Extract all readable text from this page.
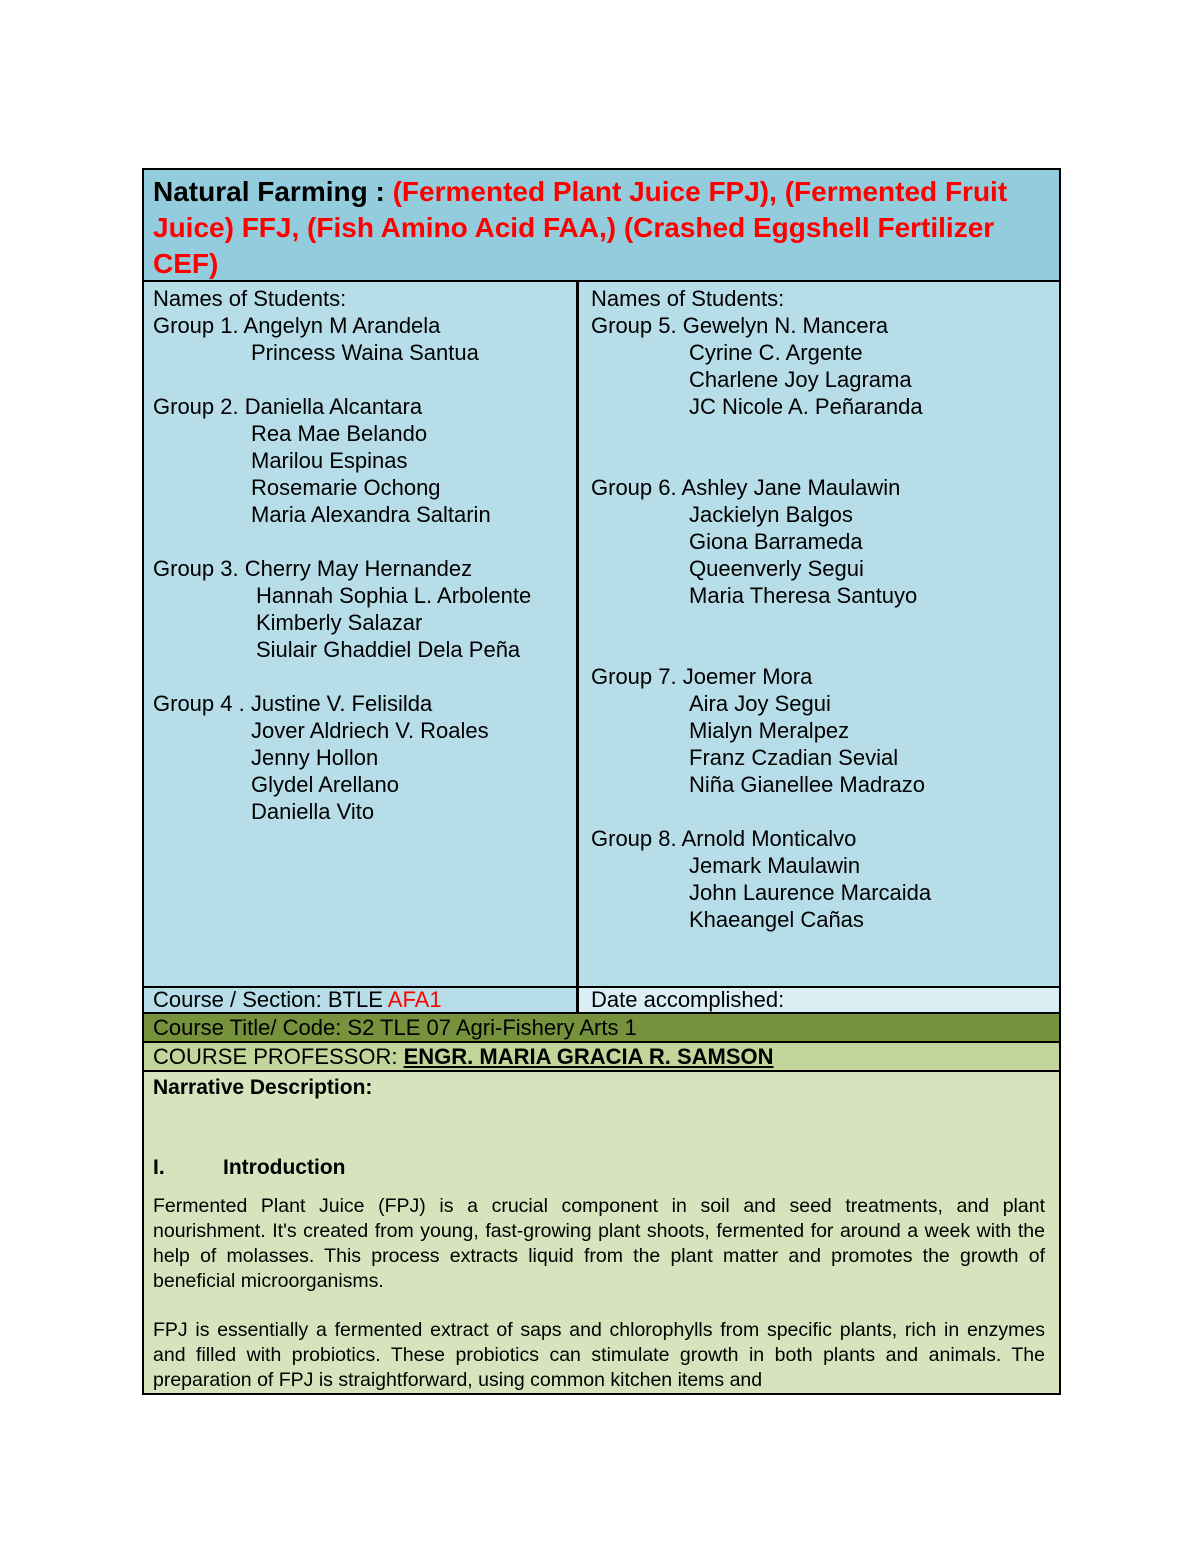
Natural Farming : (Fermented Plant Juice FPJ), (Fermented Fruit Juice) FFJ, (Fish Amino Acid FAA,) (Crashed Eggshell Fertilizer CEF)

Names of Students:
Group 1. Angelyn M Arandela
Princess Waina Santua
Group 2. Daniella Alcantara
Rea Mae Belando
Marilou Espinas
Rosemarie Ochong
Maria Alexandra Saltarin
Group 3. Cherry May Hernandez
Hannah Sophia L. Arbolente
Kimberly Salazar
Siulair Ghaddiel Dela Peña
Group 4 . Justine V. Felisilda
Jover Aldriech V. Roales
Jenny Hollon
Glydel Arellano
Daniella Vito
Names of Students:
Group 5. Gewelyn N. Mancera
Cyrine C. Argente
Charlene Joy Lagrama
JC Nicole A. Peñaranda
Group 6. Ashley Jane Maulawin
Jackielyn Balgos
Giona Barrameda
Queenverly Segui
Maria Theresa Santuyo
Group 7. Joemer Mora
Aira Joy Segui
Mialyn Meralpez
Franz Czadian Sevial
Niña Gianellee Madrazo
Group 8. Arnold Monticalvo
Jemark Maulawin
John Laurence Marcaida
Khaeangel Cañas
Course / Section: BTLE AFA1	Date accomplished:
Course Title/ Code: S2 TLE 07 Agri-Fishery Arts 1
COURSE PROFESSOR: ENGR. MARIA GRACIA R. SAMSON

Narrative Description:

I.	Introduction

Fermented Plant Juice (FPJ) is a crucial component in soil and seed treatments, and plant nourishment. It's created from young, fast-growing plant shoots, fermented for around a week with the help of molasses. This process extracts liquid from the plant matter and promotes the growth of beneficial microorganisms.

FPJ is essentially a fermented extract of saps and chlorophylls from specific plants, rich in enzymes and filled with probiotics. These probiotics can stimulate growth in both plants and animals. The preparation of FPJ is straightforward, using common kitchen items and
